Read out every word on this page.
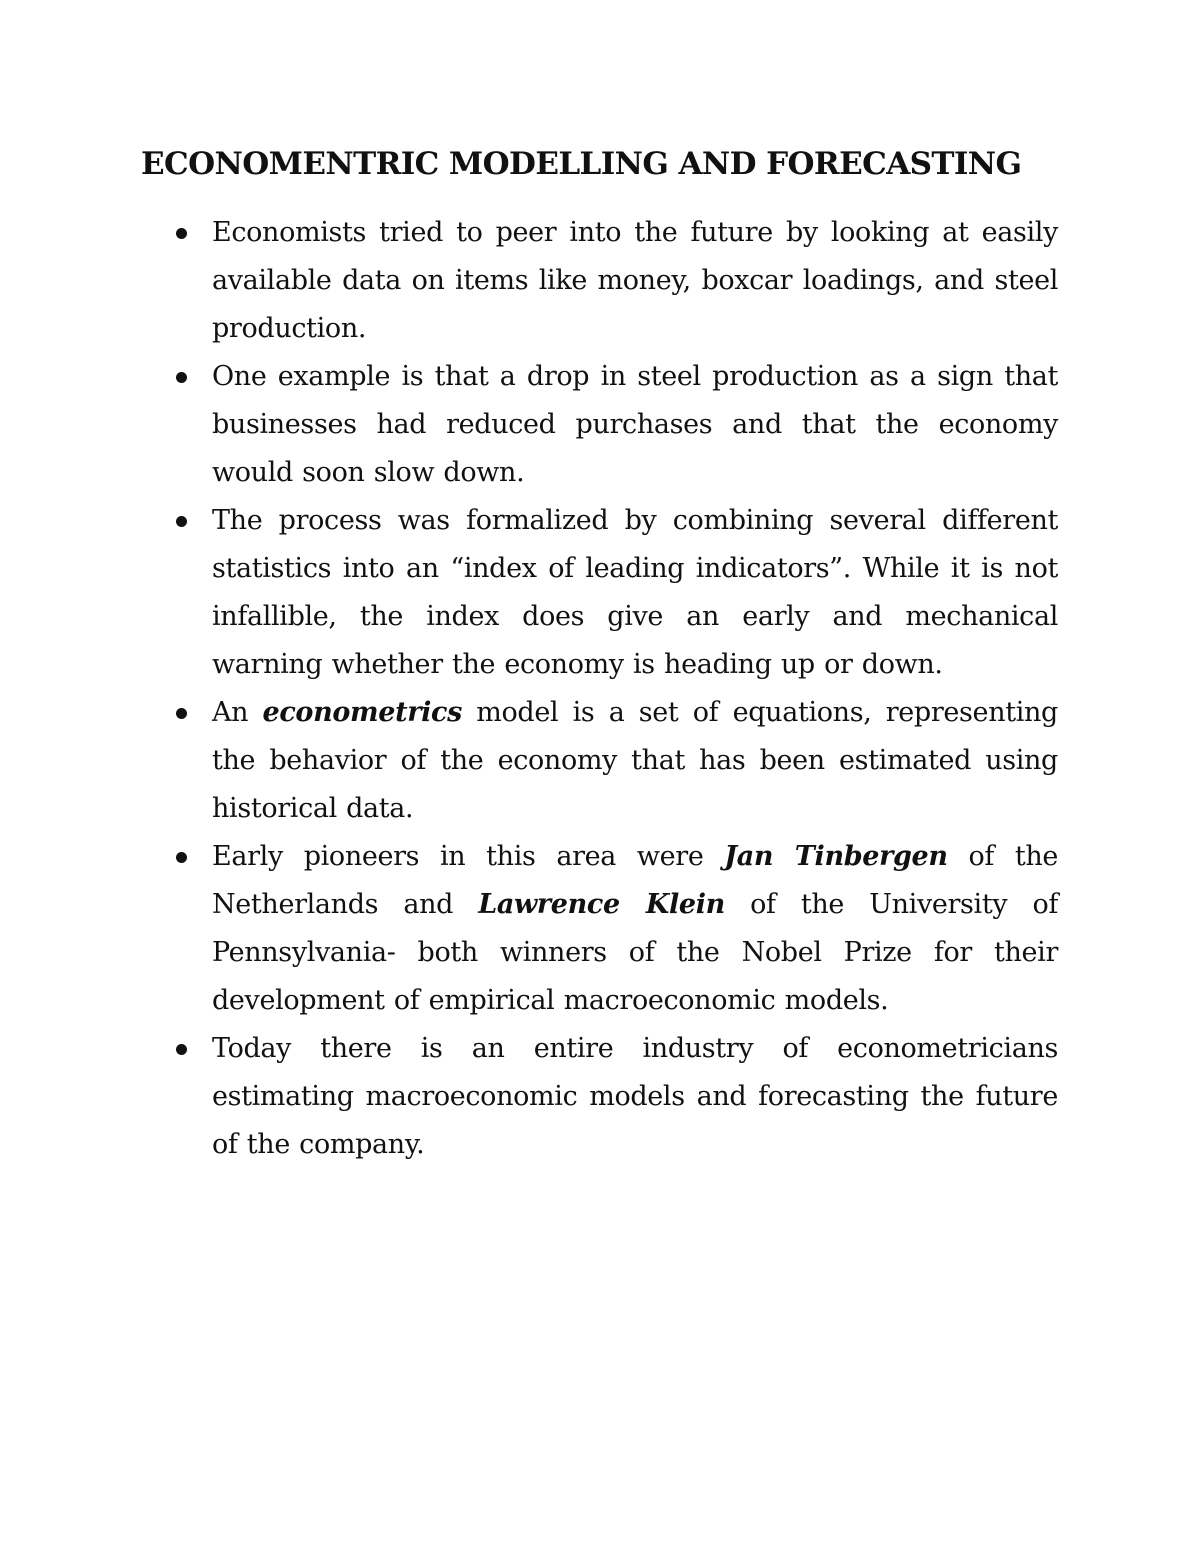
ECONOMENTRIC MODELLING AND FORECASTING
Economists tried to peer into the future by looking at easily available data on items like money, boxcar loadings, and steel production.
One example is that a drop in steel production as a sign that businesses had reduced purchases and that the economy would soon slow down.
The process was formalized by combining several different statistics into an “index of leading indicators”. While it is not infallible, the index does give an early and mechanical warning whether the economy is heading up or down.
An econometrics model is a set of equations, representing the behavior of the economy that has been estimated using historical data.
Early pioneers in this area were Jan Tinbergen of the Netherlands and Lawrence Klein of the University of Pennsylvania- both winners of the Nobel Prize for their development of empirical macroeconomic models.
Today there is an entire industry of econometricians estimating macroeconomic models and forecasting the future of the company.
